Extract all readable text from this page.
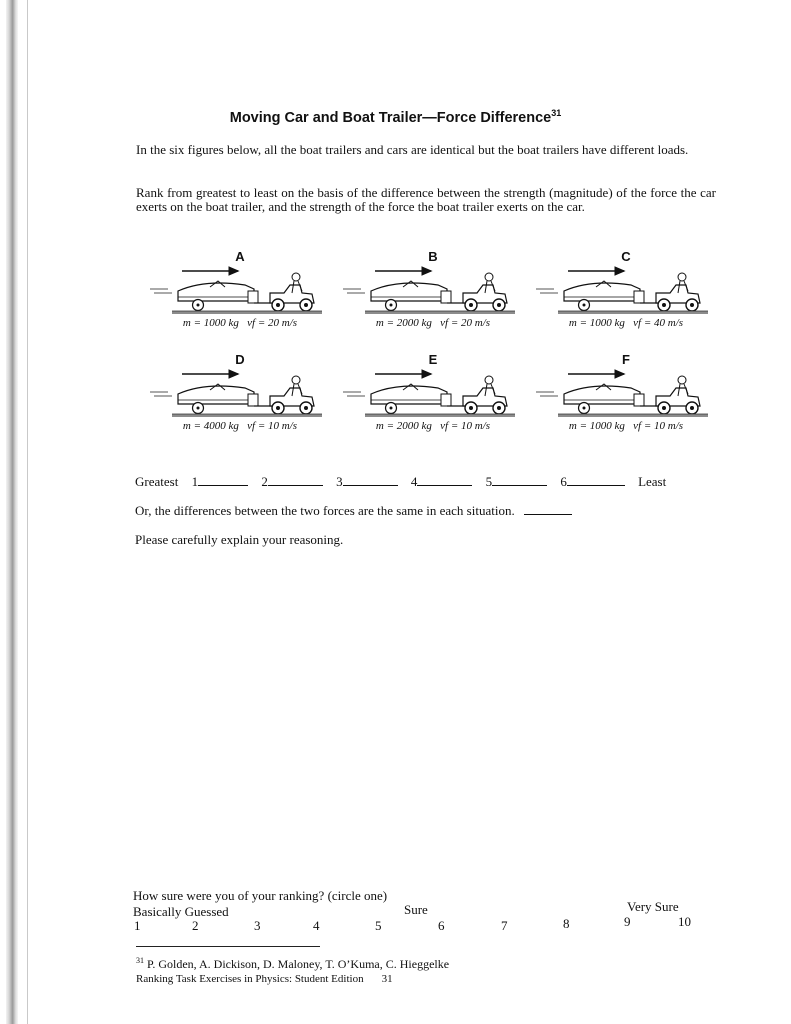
Moving Car and Boat Trailer—Force Difference$^{31}$

In the six figures below, all the boat trailers and cars are identical but the boat trailers have different loads.

Rank from greatest to least on the basis of the difference between the strength (magnitude) of the force the car exerts on the boat trailer, and the strength of the force the boat trailer exerts on the car.

A
m = 1000 kg   vf = 20 m/s
B
m = 2000 kg   vf = 20 m/s
C
m = 1000 kg   vf = 40 m/s
D
m = 4000 kg   vf = 10 m/s
E
m = 2000 kg   vf = 10 m/s
F
m = 1000 kg   vf = 10 m/s
Greatest 1	2	3	4	5	6	Least
Or, the differences between the two forces are the same in each situation.
Please carefully explain your reasoning.
How sure were you of your ranking? (circle one)
Basically Guessed	Sure	Very Sure
1	2	3	4	5	6	7	8	9	10
$^{31}$ P. Golden, A. Dickison, D. Maloney, T. O’Kuma, C. Hieggelke
Ranking Task Exercises in Physics: Student Edition 31
